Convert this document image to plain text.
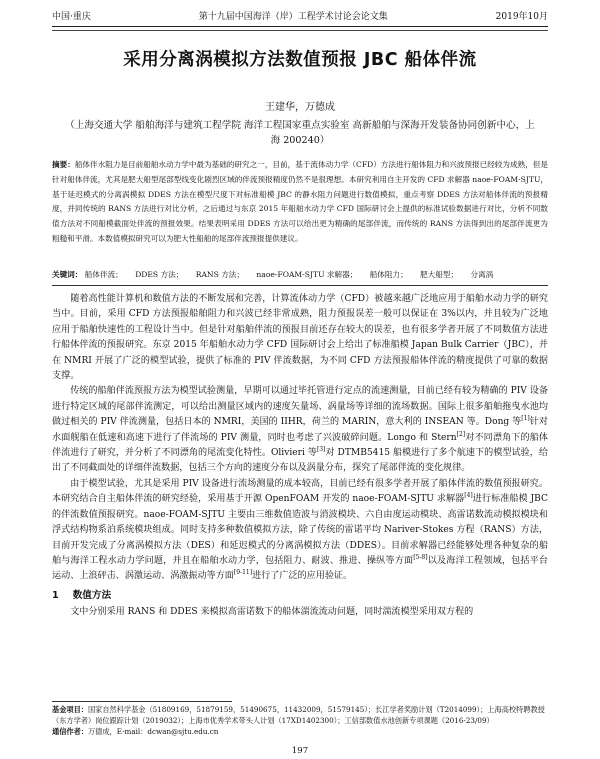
中国·重庆	第十九届中国海洋（岸）工程学术讨论会论文集	2019年10月
采用分离涡模拟方法数值预报 JBC 船体伴流
王建华，万德成
（上海交通大学 船舶海洋与建筑工程学院 海洋工程国家重点实验室 高新船舶与深海开发装备协同创新中心，上海 200240）
摘要：船体伴水阻力是目前船舶水动力学中最为基础的研究之一，目前，基于流体动力学（CFD）方法进行船体阻力和兴波预报已经较为成熟，但是针对船体伴流，尤其是肥大船型尾部型线变化剧烈区域的伴流预报精度仍然不是很理想。本研究利用自主开发的 CFD 求解器 naoe-FOAM-SJTU，基于延迟模式的分离涡模拟 DDES 方法在模型尺度下对标准船模 JBC 的静水阻力问题进行数值模拟，重点考察 DDES 方法对船体伴流的预报精度，并同传统的 RANS 方法进行对比分析，之后通过与东京 2015 年船舶水动力学 CFD 国际研讨会上提供的标准试验数据进行对比，分析不同数值方法对不同船模截面处伴流的预报效果。结果表明采用 DDES 方法可以给出更为精确的尾部伴流，而传统的 RANS 方法得到出的尾部伴流更为粗糙和平滑。本数值模拟研究可以为肥大性船舶的尾部伴流预报提供建议。
关键词： 船体伴流； DDES 方法； RANS 方法； naoe-FOAM-SJTU 求解器； 船体阻力； 肥大船型； 分离涡

随着高性能计算机和数值方法的不断发展和完善，计算流体动力学（CFD）被越来越广泛地应用于船舶水动力学的研究当中。目前，采用 CFD 方法预报船舶阻力和兴波已经非常成熟，阻力预报误差一般可以保证在 3%以内，并且较为广泛地应用于船舶快速性的工程设计当中。但是针对船舶伴流的预报目前还存在较大的误差，也有很多学者开展了不同数值方法进行船体伴流的预报研究。东京 2015 年船舶水动力学 CFD 国际研讨会上给出了标准船模 Japan Bulk Carrier（JBC），并在 NMRI 开展了广泛的模型试验，提供了标准的 PIV 伴流数据，为不同 CFD 方法预报船体伴流的精度提供了可靠的数据支撑。

传统的船舶伴流预报方法为模型试验测量，早期可以通过毕托管进行定点的流速测量，目前已经有较为精确的 PIV 设备进行特定区域的尾部伴流测定，可以给出测量区域内的速度矢量场、涡量场等详细的流场数据。国际上很多船舶拖曳水池均做过相关的 PIV 伴流测量，包括日本的 NMRI，美国的 IIHR，荷兰的 MARIN，意大利的 INSEAN 等。Dong 等[1]针对水面舰船在低速和高速下进行了伴流场的 PIV 测量，同时也考虑了兴波破碎问题。Longo 和 Stern[2]对不同漂角下的船体伴流进行了研究，并分析了不同漂角的尾流变化特性。Olivieri 等[3]对 DTMB5415 船模进行了多个航速下的模型试验，给出了不同截面处的详细伴流数据，包括三个方向的速度分布以及涡量分布，探究了尾部伴流的变化规律。

由于模型试验，尤其是采用 PIV 设备进行流场测量的成本较高，目前已经有很多学者开展了船体伴流的数值预报研究。本研究结合自主船体伴流的研究经验，采用基于开源 OpenFOAM 开发的 naoe-FOAM-SJTU 求解器[4]进行标准船模 JBC 的伴流数值预报研究。naoe-FOAM-SJTU 主要由三维数值造波与消波模块、六自由度运动模块、高雷诺数流动模拟模块和浮式结构物系泊系统模块组成。同时支持多种数值模拟方法，除了传统的雷诺平均 Nariver-Stokes 方程（RANS）方法，目前开发完成了分离涡模拟方法（DES）和延迟模式的分离涡模拟方法（DDES）。目前求解器已经能够处理各种复杂的船舶与海洋工程水动力学问题，并且在船舶水动力学，包括阻力、耐波、推进、操纵等方面[5-8]以及海洋工程领域，包括平台运动、上浪砰击、涡激运动、涡激振动等方面[9-11]进行了广泛的应用验证。

1 数值方法

文中分别采用 RANS 和 DDES 来模拟高雷诺数下的船体湍流流动问题，同时湍流模型采用双方程的

基金项目：国家自然科学基金（51809169，51879159，51490675，11432009，51579145）；长江学者奖励计划（T2014099）；上海高校特聘教授（东方学者）岗位跟踪计划（2019032）；上海市优秀学术带头人计划（17XD1402300）；工信部数值水池创新专项课题（2016-23/09）
通信作者：万德成，E-mail：dcwan@sjtu.edu.cn
197
